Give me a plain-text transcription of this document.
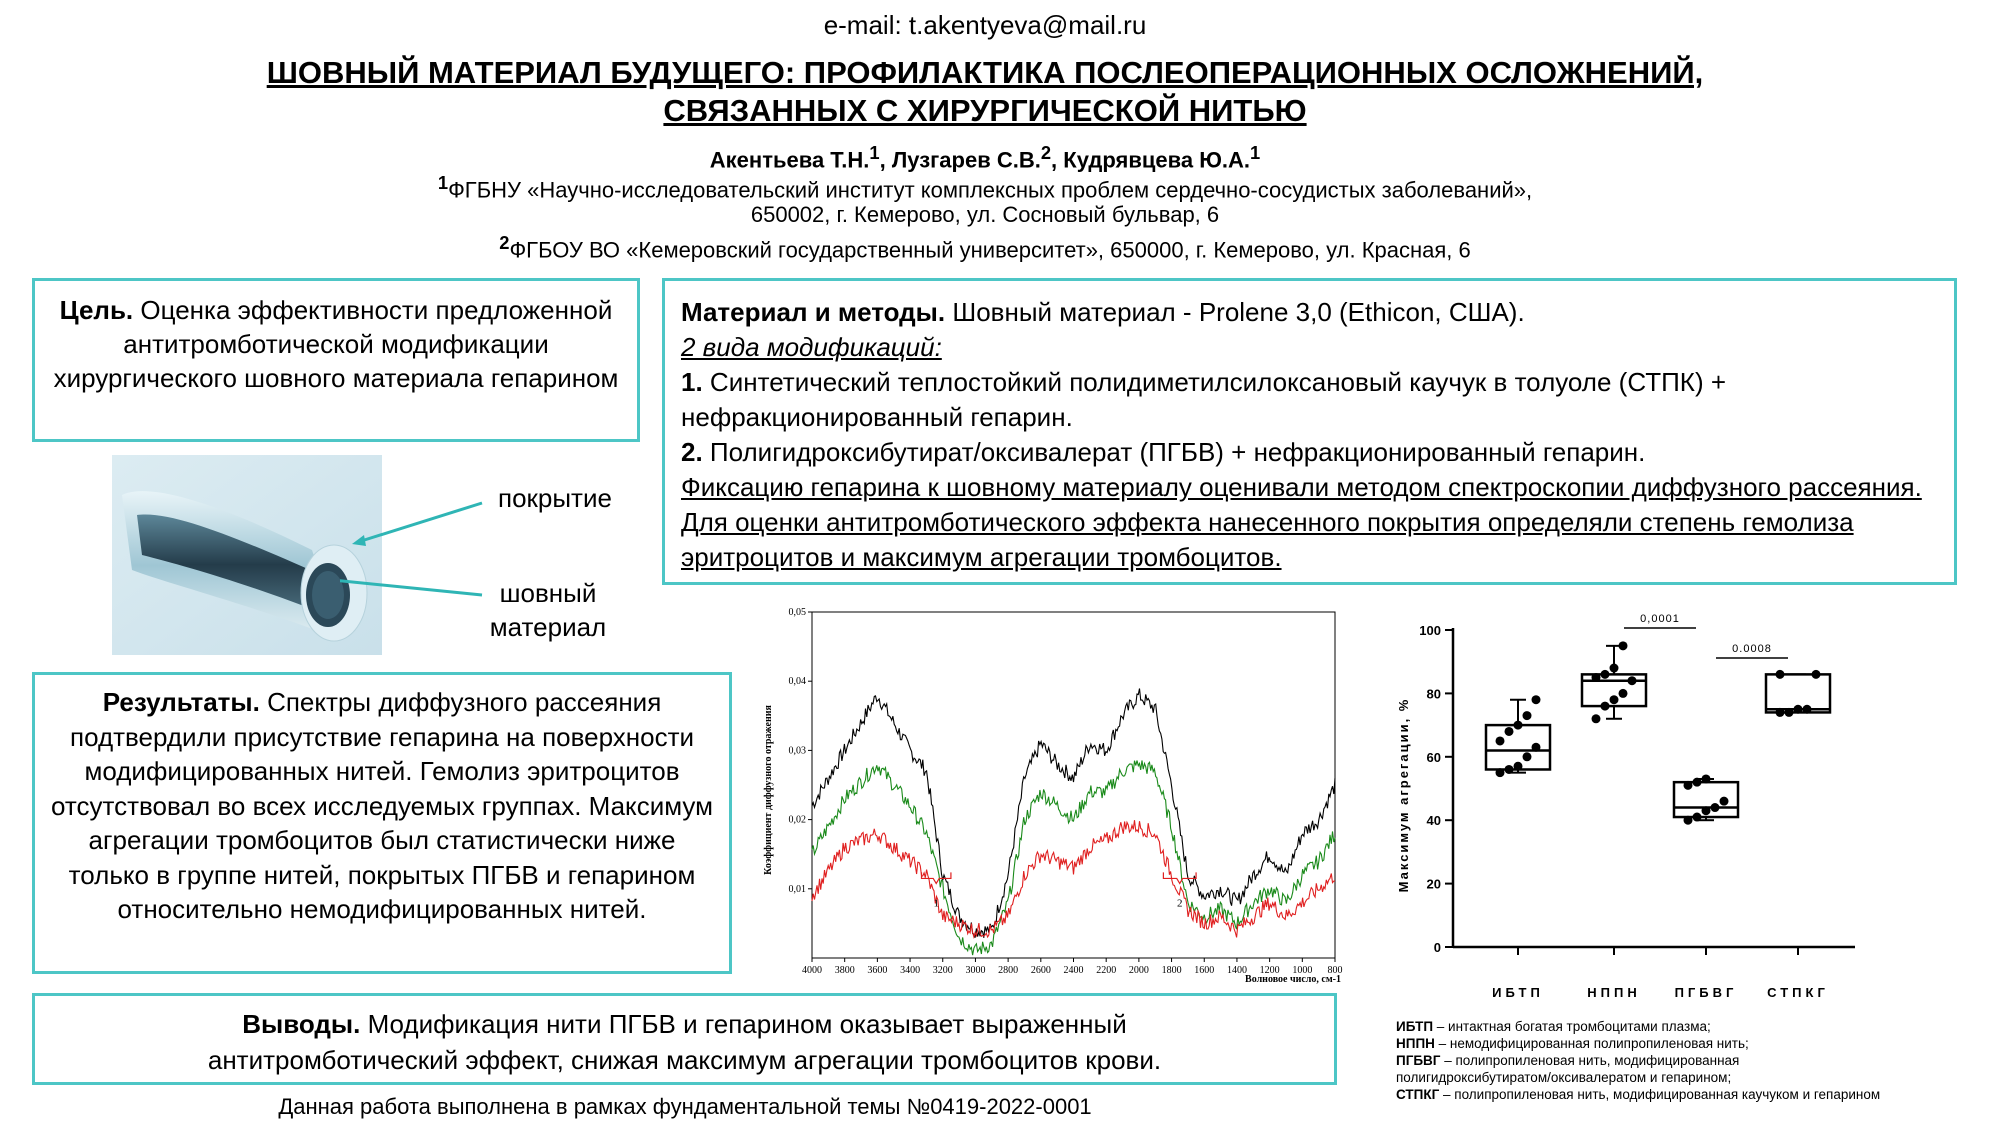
e-mail: t.akentyeva@mail.ru
ШОВНЫЙ МАТЕРИАЛ БУДУЩЕГО: ПРОФИЛАКТИКА ПОСЛЕОПЕРАЦИОННЫХ ОСЛОЖНЕНИЙ,
СВЯЗАННЫХ С ХИРУРГИЧЕСКОЙ НИТЬЮ
Акентьева Т.Н.$^1$, Лузгарев С.В.$^2$, Кудрявцева Ю.А.$^1$
$^1$ФГБНУ «Научно-исследовательский институт комплексных проблем сердечно-сосудистых заболеваний»,
650002, г. Кемерово, ул. Сосновый бульвар, 6
$^2$ФГБОУ ВО «Кемеровский государственный университет», 650000, г. Кемерово, ул. Красная, 6

Цель. Оценка эффективности предложенной антитромботической модификации хирургического шовного материала гепарином

Материал и методы. Шовный материал - Prolene 3,0 (Ethicon, США).

2 вида модификаций:

1. Синтетический теплостойкий полидиметилсилоксановый каучук в толуоле (СТПК) + нефракционированный гепарин.

2. Полигидроксибутират/оксивалерат (ПГБВ) + нефракционированный гепарин.

Фиксацию гепарина к шовному материалу оценивали методом спектроскопии диффузного рассеяния. Для оценки антитромботического эффекта нанесенного покрытия определяли степень гемолиза эритроцитов и максимум агрегации тромбоцитов.

покрытие
шовный
материал

Результаты. Спектры диффузного рассеяния подтвердили присутствие гепарина на поверхности модифицированных нитей. Гемолиз эритроцитов отсутствовал во всех исследуемых группах. Максимум агрегации тромбоцитов был статистически ниже только в группе нитей, покрытых ПГБВ и гепарином относительно немодифицированных нитей.

Выводы. Модификация нити ПГБВ и гепарином оказывает выраженный

антитромботический эффект, снижая максимум агрегации тромбоцитов крови.

Данная работа выполнена в рамках фундаментальной темы №0419-2022-0001
Коэффициент диффузного отражения
Волновое число, см-1
4000 3800 3600 3400 3200 3000 2800 2600 2400 2200 2000 1800 1600 1400 1200 1000 800
0,01
0,02
0,03
0,04
0,05
1	2
Максимум агрегации, %
0
20
40
60
80
100
ИБТП	НППН	ПГБВГ СТПКГ
0,0001
0.0008
ИБТП – интактная богатая тромбоцитами плазма;
НППН – немодифицированная полипропиленовая нить;
ПГБВГ – полипропиленовая нить, модифицированная
полигидроксибутиратом/оксивалератом и гепарином;
СТПКГ – полипропиленовая нить, модифицированная каучуком и гепарином
